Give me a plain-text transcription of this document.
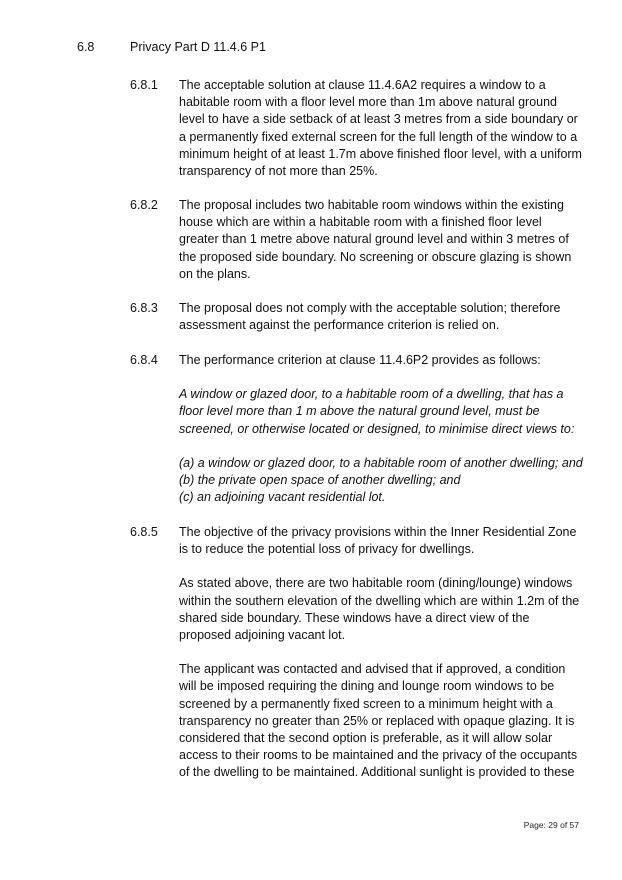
6.8	Privacy Part D 11.4.6 P1
6.8.1 The acceptable solution at clause 11.4.6A2 requires a window to a habitable room with a floor level more than 1m above natural ground level to have a side setback of at least 3 metres from a side boundary or a permanently fixed external screen for the full length of the window to a minimum height of at least 1.7m above finished floor level, with a uniform transparency of not more than 25%.

6.8.2 The proposal includes two habitable room windows within the existing house which are within a habitable room with a finished floor level greater than 1 metre above natural ground level and within 3 metres of the proposed side boundary. No screening or obscure glazing is shown on the plans.

6.8.3 The proposal does not comply with the acceptable solution; therefore assessment against the performance criterion is relied on.

6.8.4 The performance criterion at clause 11.4.6P2 provides as follows:

A window or glazed door, to a habitable room of a dwelling, that has a floor level more than 1 m above the natural ground level, must be screened, or otherwise located or designed, to minimise direct views to:

(a) a window or glazed door, to a habitable room of another dwelling; and

(b) the private open space of another dwelling; and

(c) an adjoining vacant residential lot.

6.8.5 The objective of the privacy provisions within the Inner Residential Zone is to reduce the potential loss of privacy for dwellings.

As stated above, there are two habitable room (dining/lounge) windows within the southern elevation of the dwelling which are within 1.2m of the shared side boundary. These windows have a direct view of the proposed adjoining vacant lot.

The applicant was contacted and advised that if approved, a condition will be imposed requiring the dining and lounge room windows to be screened by a permanently fixed screen to a minimum height with a transparency no greater than 25% or replaced with opaque glazing. It is considered that the second option is preferable, as it will allow solar access to their rooms to be maintained and the privacy of the occupants of the dwelling to be maintained. Additional sunlight is provided to these

Page: 29 of 57
